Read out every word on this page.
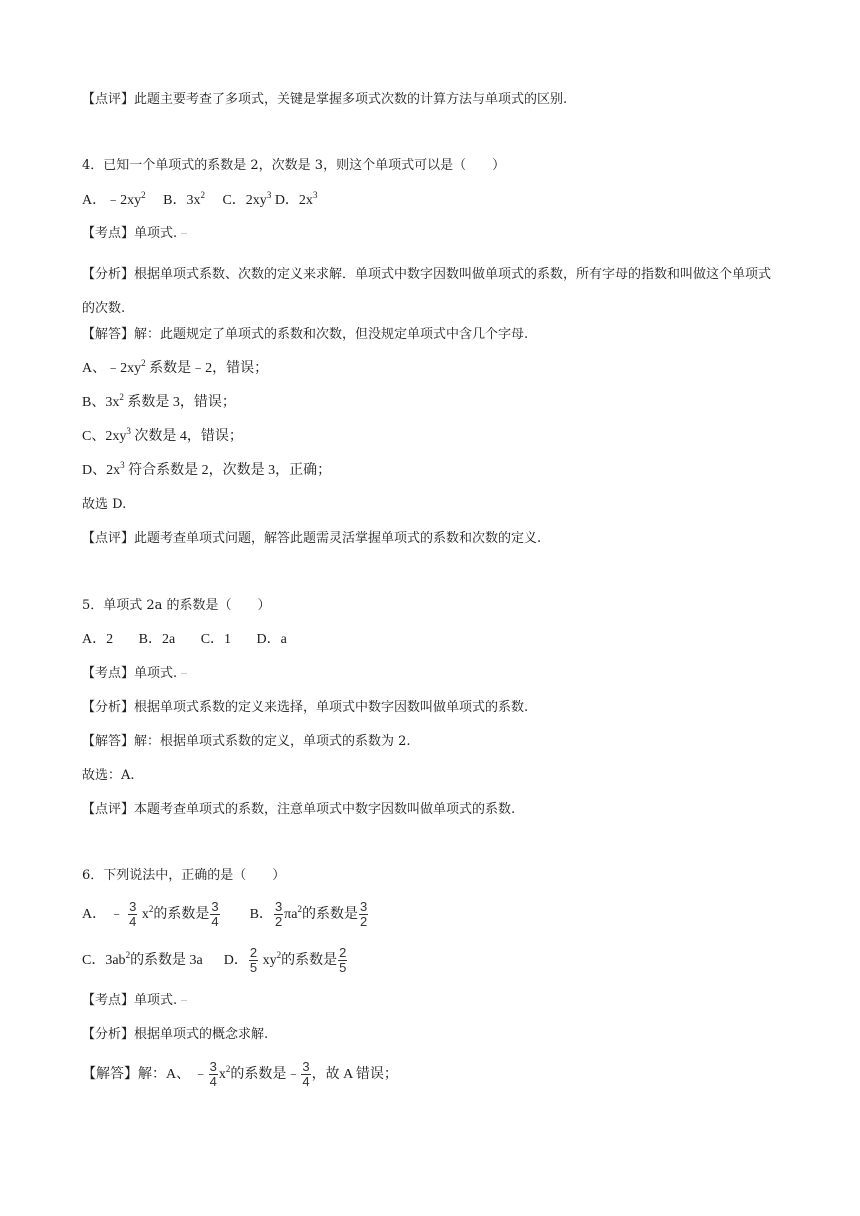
【点评】此题主要考查了多项式，关键是掌握多项式次数的计算方法与单项式的区别.
4．已知一个单项式的系数是 2，次数是 3，则这个单项式可以是（　　）
A．$﹣2xy^2$ B．$3x^2$ C．$2xy^3$ D．$2x^3$
【考点】单项式.
【分析】根据单项式系数、次数的定义来求解．单项式中数字因数叫做单项式的系数，所有字母的指数和叫做这个单项式的次数.
【解答】解：此题规定了单项式的系数和次数，但没规定单项式中含几个字母.
A、$﹣2xy^2$ 系数是﹣2，错误；
B、$3x^2$ 系数是 3，错误；
C、$2xy^3$ 次数是 4，错误；
D、$2x^3$ 符合系数是 2，次数是 3，正确；
故选 D.
【点评】此题考查单项式问题，解答此题需灵活掌握单项式的系数和次数的定义.
5．单项式 2a 的系数是（　　）
A．2 B．2a C．1 D．a
【考点】单项式.
【分析】根据单项式系数的定义来选择，单项式中数字因数叫做单项式的系数.
【解答】解：根据单项式系数的定义，单项式的系数为 2.
故选：A.
【点评】本题考查单项式的系数，注意单项式中数字因数叫做单项式的系数.
6．下列说法中，正确的是（　　）
A． ﹣ $\frac{3}{4} x^2$的系数是 $\frac{3}{4}$ B． $\frac{3}{2} \pi a^2$的系数是 $\frac{3}{2}$
C．$3ab^2$的系数是 3a D． $\frac{2}{5} xy^2$的系数是 $\frac{2}{5}$
【考点】单项式.
【分析】根据单项式的概念求解.
【解答】解：A、 ﹣ $\frac{3}{4} x^2$的系数是﹣ $\frac{3}{4}$ ，故 A 错误；
